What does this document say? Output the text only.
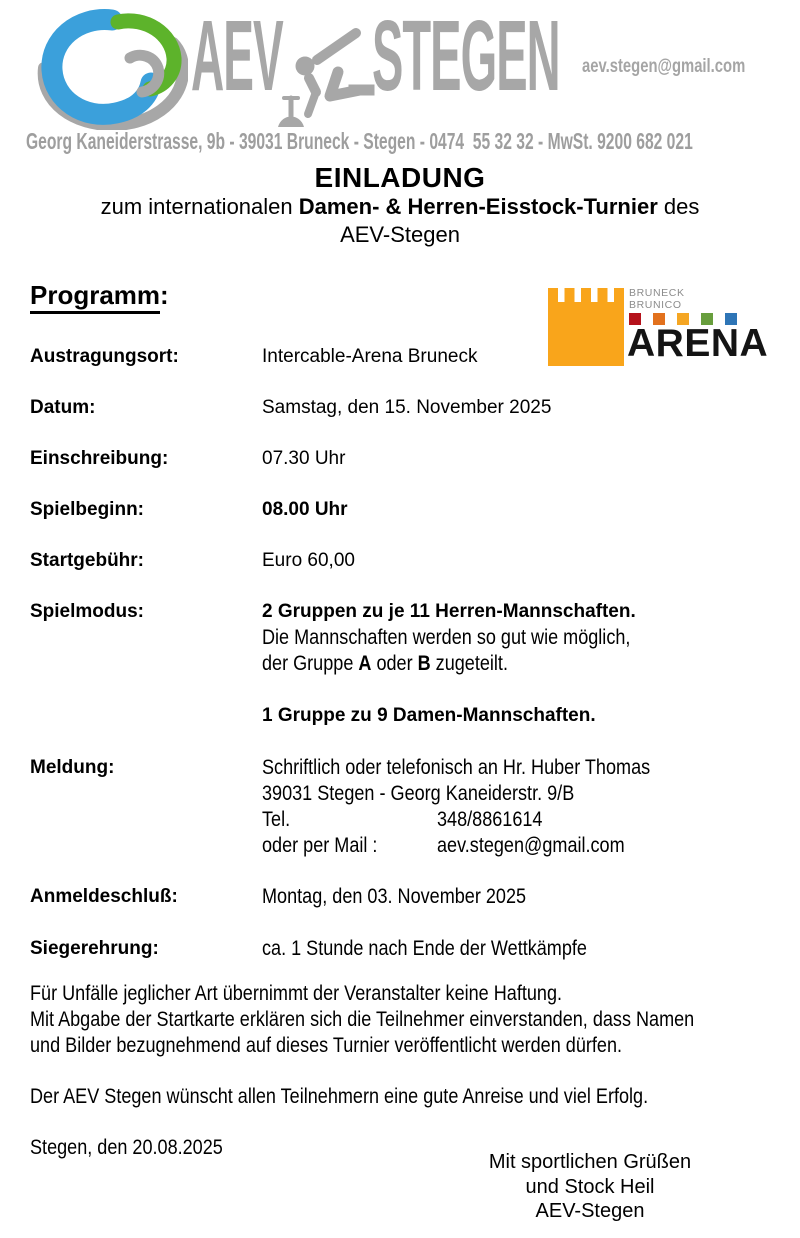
AEV STEGEN aev.stegen@gmail.com
Georg Kaneiderstrasse, 9b - 39031 Bruneck - Stegen - 0474  55 32 32 - MwSt. 9200 682 021
EINLADUNG
zum internationalen Damen- & Herren-Eisstock-Turnier des
AEV-Stegen
Programm:	BRUNECK
BRUNICO
ARENA
Austragungsort:	Intercable-Arena Bruneck
Datum:	Samstag, den 15. November 2025
Einschreibung:	07.30 Uhr
Spielbeginn:	08.00 Uhr
Startgebühr:	Euro 60,00
Spielmodus:	2 Gruppen zu je 11 Herren-Mannschaften.
Die Mannschaften werden so gut wie möglich,
der Gruppe A oder B zugeteilt.
1 Gruppe zu 9 Damen-Mannschaften.
Meldung:	Schriftlich oder telefonisch an Hr. Huber Thomas
39031 Stegen - Georg Kaneiderstr. 9/B
Tel.	348/8861614
oder per Mail :	aev.stegen@gmail.com
Anmeldeschluß:	Montag, den 03. November 2025
Siegerehrung:	ca. 1 Stunde nach Ende der Wettkämpfe
Für Unfälle jeglicher Art übernimmt der Veranstalter keine Haftung.
Mit Abgabe der Startkarte erklären sich die Teilnehmer einverstanden, dass Namen
und Bilder bezugnehmend auf dieses Turnier veröffentlicht werden dürfen.
Der AEV Stegen wünscht allen Teilnehmern eine gute Anreise und viel Erfolg.
Stegen, den 20.08.2025
Mit sportlichen Grüßen
und Stock Heil
AEV-Stegen
